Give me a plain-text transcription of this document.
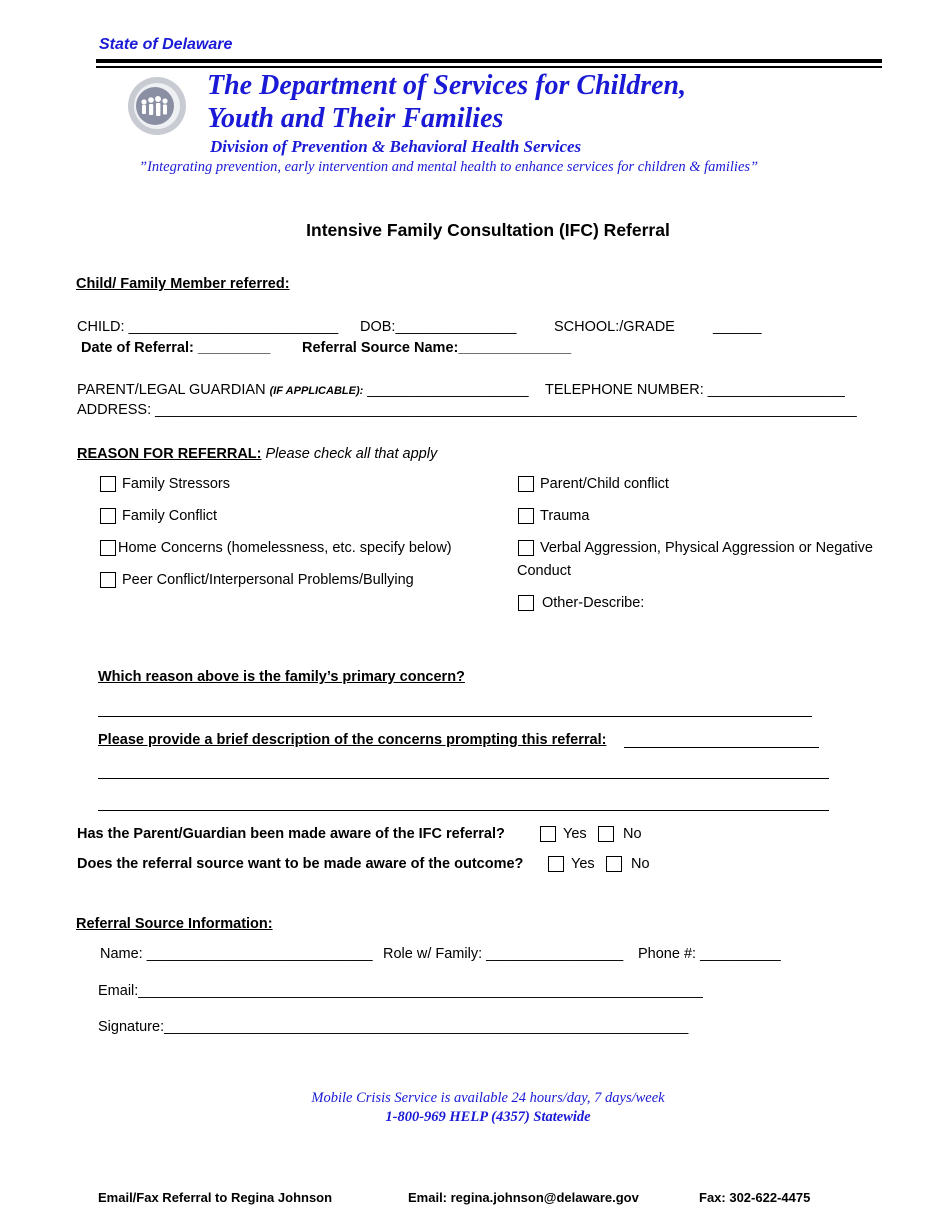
State of Delaware
The Department of Services for Children,
Youth and Their Families
Division of Prevention & Behavioral Health Services
”Integrating prevention, early intervention and mental health to enhance services for children & families”
Intensive Family Consultation (IFC) Referral
Child/ Family Member referred:
CHILD: __________________________ DOB:_______________	SCHOOL:/GRADE	______
Date of Referral: _________ Referral Source Name:______________
PARENT/LEGAL GUARDIAN (IF APPLICABLE): ____________________ TELEPHONE NUMBER: _________________
ADDRESS: _______________________________________________________________________________________
REASON FOR REFERRAL: Please check all that apply
Family Stressors
Family Conflict
Home Concerns (homelessness, etc. specify below)
Peer Conflict/Interpersonal Problems/Bullying
Parent/Child conflict
Trauma
Verbal Aggression, Physical Aggression or Negative
Conduct
Other-Describe:
Which reason above is the family’s primary concern?
Please provide a brief description of the concerns prompting this referral:
Has the Parent/Guardian been made aware of the IFC referral?	Yes	No
Does the referral source want to be made aware of the outcome?	Yes	No
Referral Source Information:
Name: ____________________________ Role w/ Family: _________________ Phone #: __________
Email:______________________________________________________________________
Signature:_________________________________________________________________
Mobile Crisis Service is available 24 hours/day, 7 days/week
1-800-969 HELP (4357) Statewide
Email/Fax Referral to Regina Johnson	Email: regina.johnson@delaware.gov	Fax: 302-622-4475
